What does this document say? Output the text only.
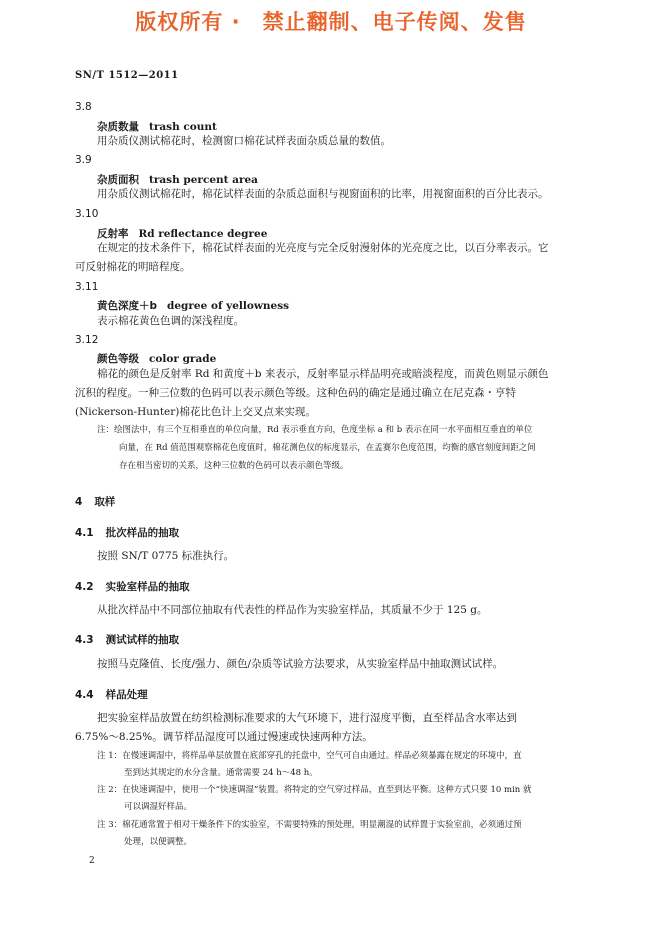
版权所有 ·　禁止翻制、电子传阅、发售
SN/T 1512—2011
3.8
杂质数量 trash count
用杂质仪测试棉花时，检测窗口棉花试样表面杂质总量的数值。
3.9
杂质面积 trash percent area
用杂质仪测试棉花时，棉花试样表面的杂质总面积与视窗面积的比率，用视窗面积的百分比表示。
3.10
反射率 Rd reflectance degree
在规定的技术条件下，棉花试样表面的光亮度与完全反射漫射体的光亮度之比，以百分率表示。它
可反射棉花的明暗程度。
3.11
黄色深度＋b degree of yellowness
表示棉花黄色色调的深浅程度。
3.12
颜色等级 color grade
棉花的颜色是反射率 Rd 和黄度＋b 来表示，反射率显示样品明亮或暗淡程度，而黄色则显示颜色
沉积的程度。一种三位数的色码可以表示颜色等级。这种色码的确定是通过确立在尼克森・亨特
(Nickerson-Hunter)棉花比色计上交叉点来实现。
注：绘图法中，有三个互相垂直的单位向量，Rd 表示垂直方向，色度坐标 a 和 b 表示在同一水平面相互垂直的单位
向量，在 Rd 值范围观察棉花色度值时，棉花测色仪的标度显示，在孟赛尔色度范围，均衡的感官刻度间距之间
存在相当密切的关系，这种三位数的色码可以表示颜色等级。
4 取样
4.1 批次样品的抽取
按照 SN/T 0775 标准执行。
4.2 实验室样品的抽取
从批次样品中不同部位抽取有代表性的样品作为实验室样品，其质量不少于 125 g。
4.3 测试试样的抽取
按照马克隆值、长度/强力、颜色/杂质等试验方法要求，从实验室样品中抽取测试试样。
4.4 样品处理
把实验室样品放置在纺织检测标准要求的大气环境下，进行湿度平衡，直至样品含水率达到
6.75%～8.25%。调节样品湿度可以通过慢速或快速两种方法。
注 1：在慢速调湿中，将样品单层放置在底部穿孔的托盘中，空气可自由通过。样品必须暴露在规定的环境中，直
至到达其规定的水分含量。通常需要 24 h～48 h。
注 2：在快速调湿中，使用一个“快速调湿”装置。将特定的空气穿过样品，直至到达平衡。这种方式只要 10 min 就
可以调湿好样品。
注 3：棉花通常置于相对干燥条件下的实验室，不需要特殊的预处理，明显潮湿的试样置于实验室前，必须通过预
处理，以便调整。
2
